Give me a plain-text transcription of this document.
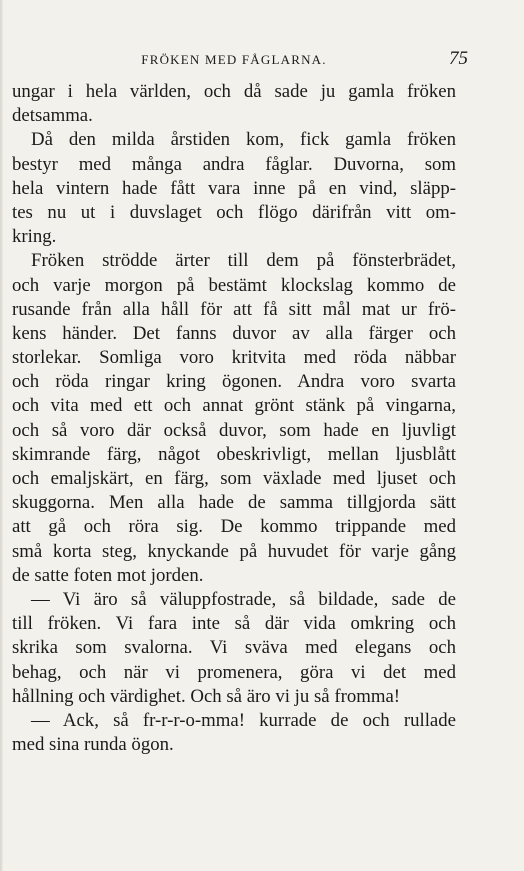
FRÖKEN MED FÅGLARNA.	75
ungar i hela världen, och då sade ju gamla fröken
detsamma.
Då den milda årstiden kom, fick gamla fröken
bestyr med många andra fåglar. Duvorna, som
hela vintern hade fått vara inne på en vind, släpp-
tes nu ut i duvslaget och flögo därifrån vitt om-
kring.
Fröken strödde ärter till dem på fönsterbrädet,
och varje morgon på bestämt klockslag kommo de
rusande från alla håll för att få sitt mål mat ur frö-
kens händer. Det fanns duvor av alla färger och
storlekar. Somliga voro kritvita med röda näbbar
och röda ringar kring ögonen. Andra voro svarta
och vita med ett och annat grönt stänk på vingarna,
och så voro där också duvor, som hade en ljuvligt
skimrande färg, något obeskrivligt, mellan ljusblått
och emaljskärt, en färg, som växlade med ljuset och
skuggorna. Men alla hade de samma tillgjorda sätt
att gå och röra sig. De kommo trippande med
små korta steg, knyckande på huvudet för varje gång
de satte foten mot jorden.
— Vi äro så väluppfostrade, så bildade, sade de
till fröken. Vi fara inte så där vida omkring och
skrika som svalorna. Vi sväva med elegans och
behag, och när vi promenera, göra vi det med
hållning och värdighet. Och så äro vi ju så fromma!
— Ack, så fr-r-r-o-mma! kurrade de och rullade
med sina runda ögon.
